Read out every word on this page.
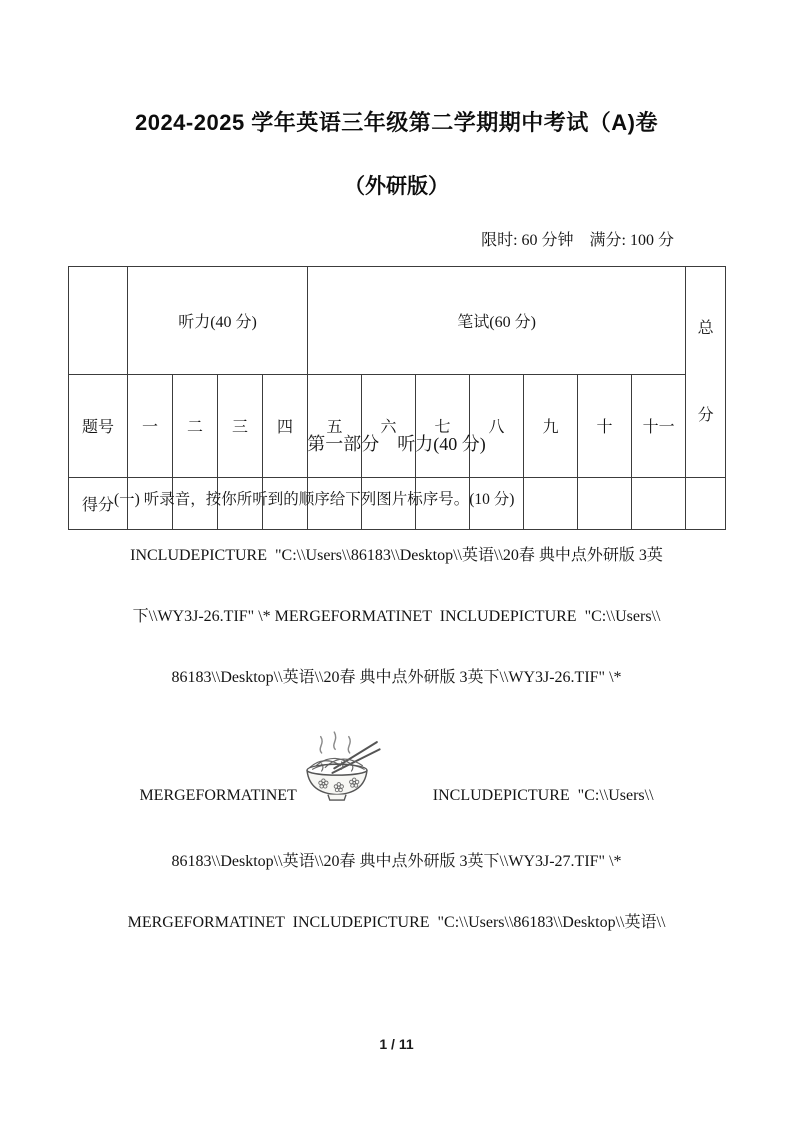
2024-2025 学年英语三年级第二学期期中考试（A)卷
（外研版）
限时: 60 分钟　满分: 100 分
	听力(40 分)				笔试(60 分)							总

分

题号	一	二	三	四	五	六	七	八	九	十	十一	
得分												
第一部分　听力(40 分)
(一) 听录音，按你所听到的顺序给下列图片标序号。(10 分)
INCLUDEPICTURE  "C:\\Users\\86183\\Desktop\\英语\\20春 典中点外研版 3英
下\\WY3J-26.TIF" \* MERGEFORMATINET  INCLUDEPICTURE  "C:\\Users\\
86183\\Desktop\\英语\\20春 典中点外研版 3英下\\WY3J-26.TIF" \*
MERGEFORMATINET	INCLUDEPICTURE  "C:\\Users\\
86183\\Desktop\\英语\\20春 典中点外研版 3英下\\WY3J-27.TIF" \*
MERGEFORMATINET  INCLUDEPICTURE  "C:\\Users\\86183\\Desktop\\英语\\
1 / 11
